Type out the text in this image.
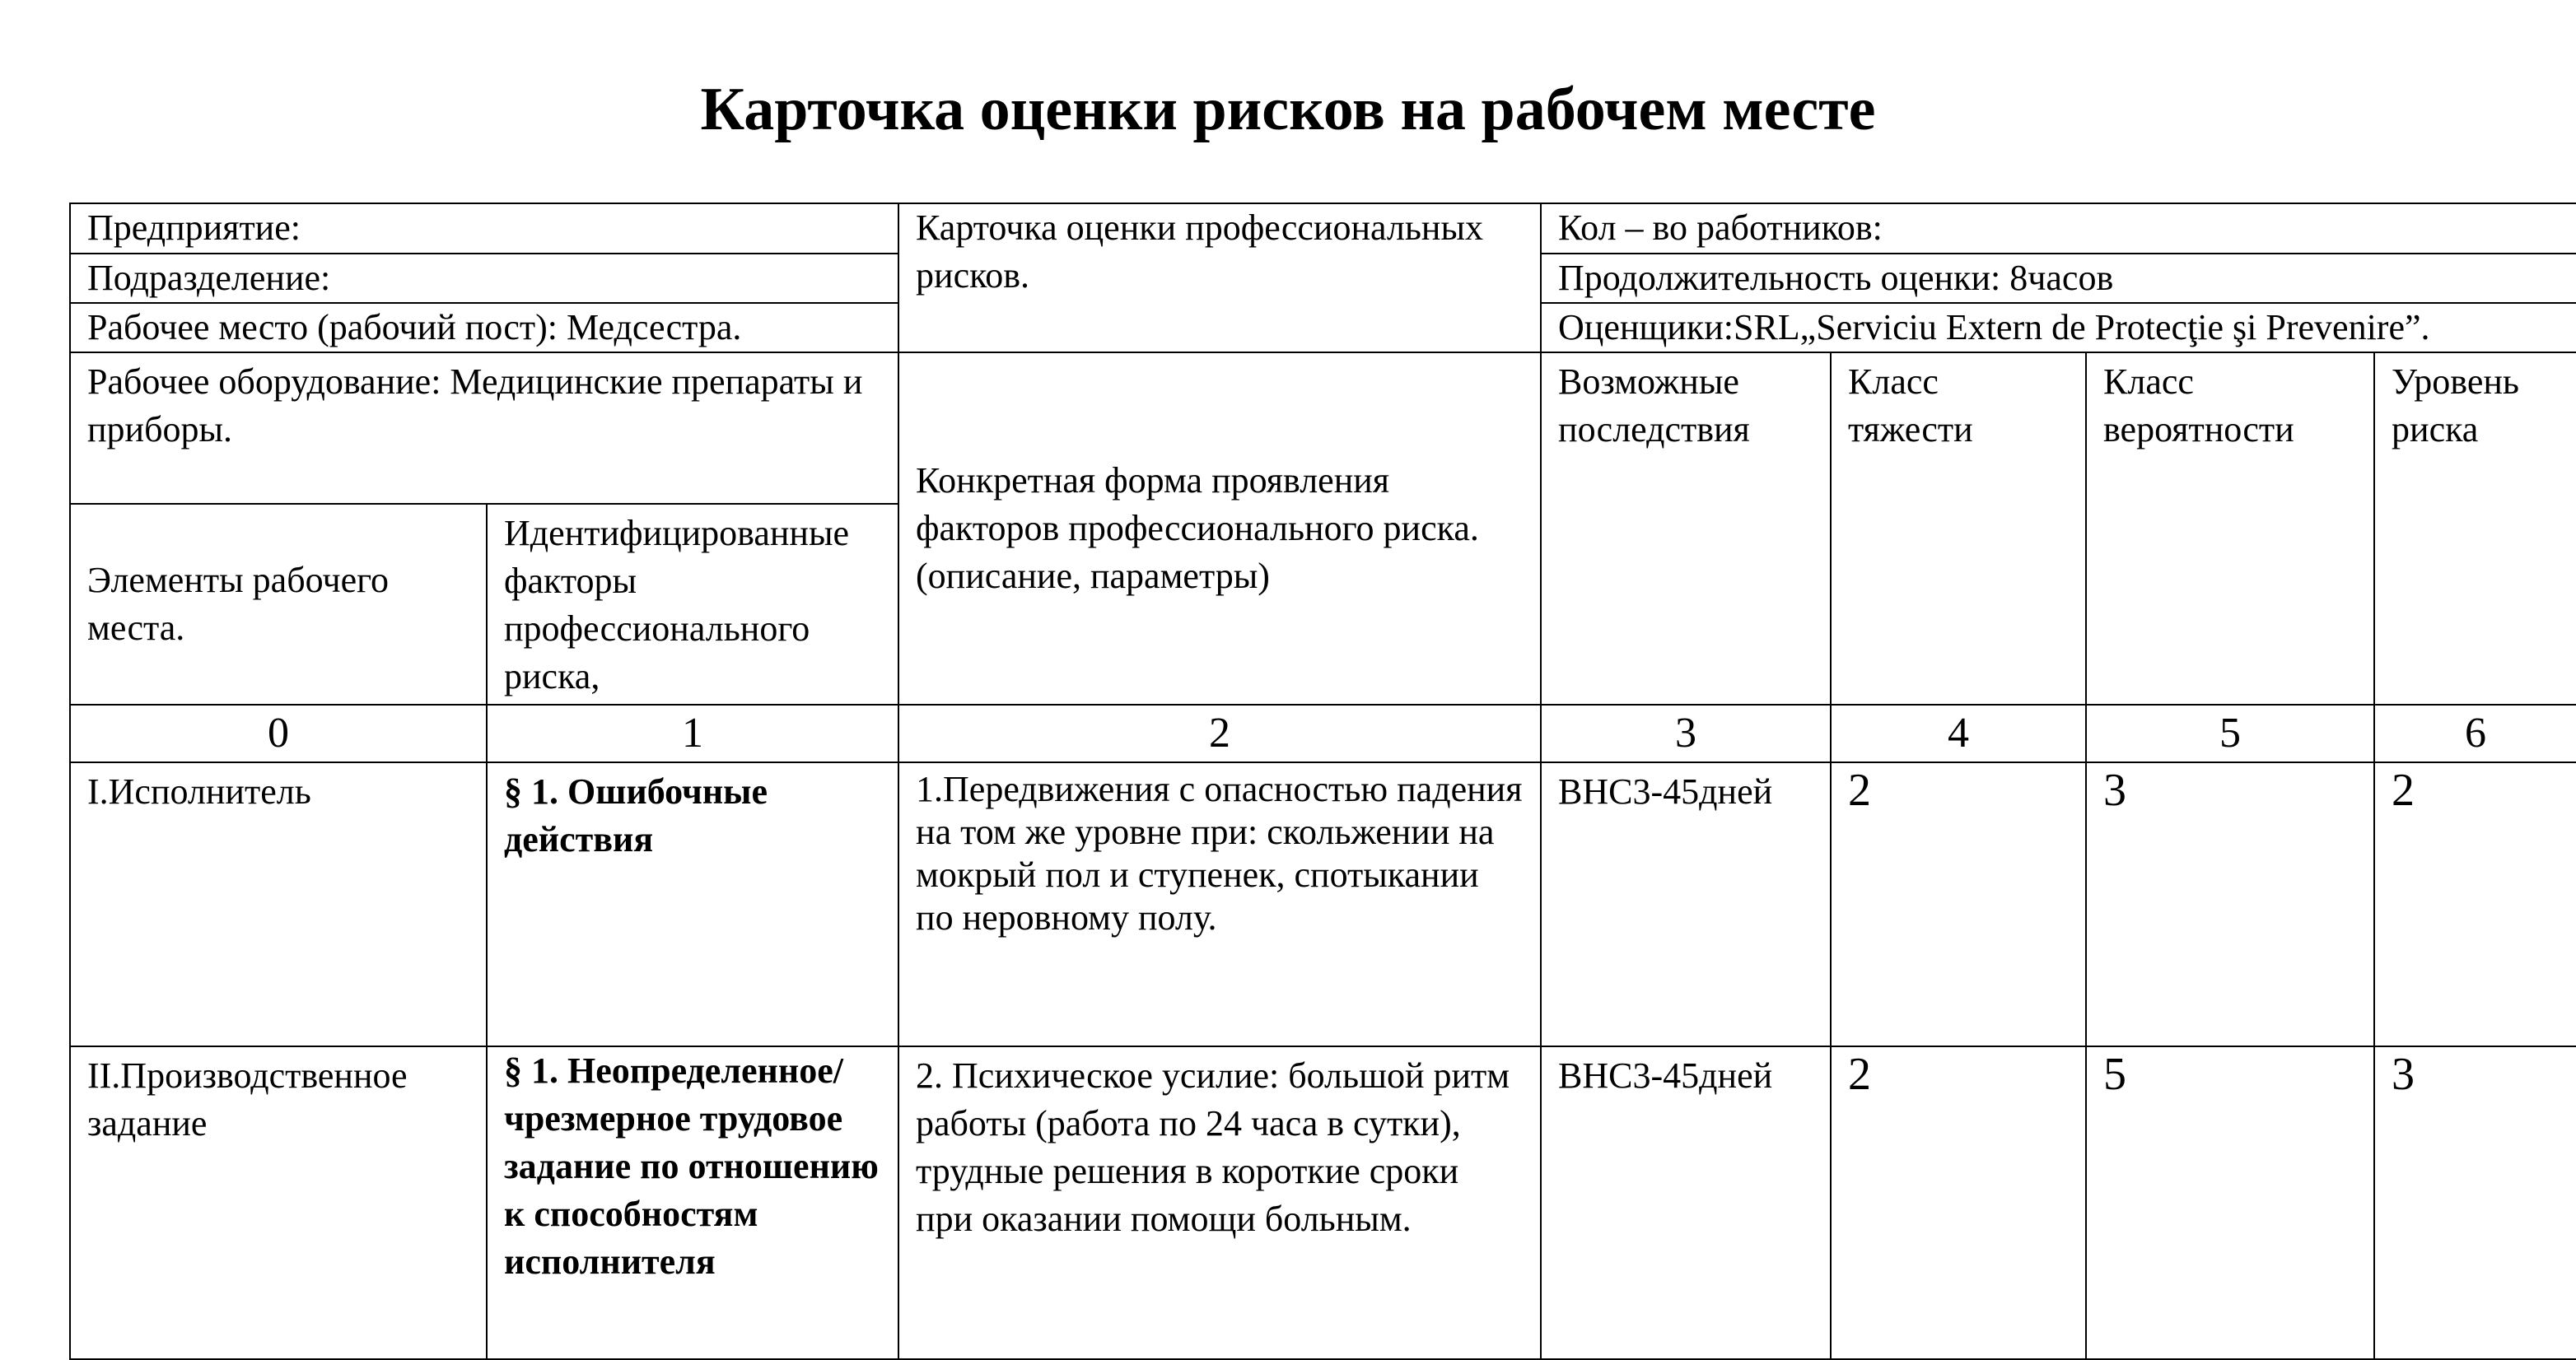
Карточка оценки рисков на рабочем месте
Предприятие:		Карточка оценки профессиональных рисков.	Кол – во работников:			
Подразделение:			Продолжительность оценки: 8часов			
Рабочее место (рабочий пост): Медсестра.			Оценщики:SRL„Serviciu Extern de Protecţie şi Prevenire”.			
Рабочее оборудование: Медицинские препараты и приборы.		Конкретная форма проявления факторов профессионального риска. (описание, параметры)	Возможные последствия	Класс тяжести	Класс вероятности	Уровень риска
Элементы рабочего места.	Идентифицированные факторы профессионального риска,					
0	1	2	3	4	5	6
I.Исполнитель	§ 1. Ошибочные действия	1.Передвижения с опасностью падения на том же уровне при: скольжении на мокрый пол и ступенек, спотыкании по неровному полу.	ВНС3-45дней	2	3	2
II.Производственное задание	§ 1. Неопределенное/ чрезмерное трудовое задание по отношению к способностям исполнителя	2. Психическое усилие: большой ритм работы (работа по 24 часа в сутки), трудные решения в короткие сроки при оказании помощи больным.	ВНС3-45дней	2	5	3
